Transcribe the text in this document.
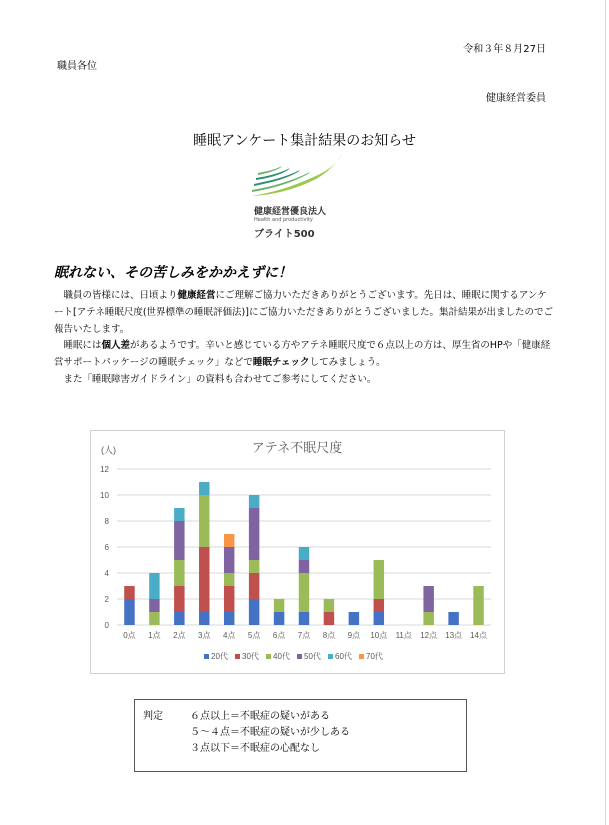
令和３年８月27日
職員各位
健康経営委員
睡眠アンケート集計結果のお知らせ
健康経営優良法人
Health and productivity
ブライト500
眠れない、その苦しみをかかえずに！

職員の皆様には、日頃より健康経営にご理解ご協力いただきありがとうございます。先日は、睡眠に関するアンケート[アテネ睡眠尺度(世界標準の睡眠評価法)]にご協力いただきありがとうございました。集計結果が出ましたのでご報告いたします。

睡眠には個人差があるようです。辛いと感じている方やアテネ睡眠尺度で６点以上の方は、厚生省のHPや「健康経営サポートパッケージの睡眠チェック」などで睡眠チェックしてみましょう。

また「睡眠障害ガイドライン」の資料も合わせてご参考にしてください。

アテネ不眠尺度
(人)
0
2
4
6
8
10
12
0点 1点 2点 3点 4点 5点 6点 7点 8点 9点 10点 11点 12点 13点 14点
20代 30代 40代 50代 60代 70代
判定	６点以上＝不眠症の疑いがある
５〜４点＝不眠症の疑いが少しある
３点以下＝不眠症の心配なし
